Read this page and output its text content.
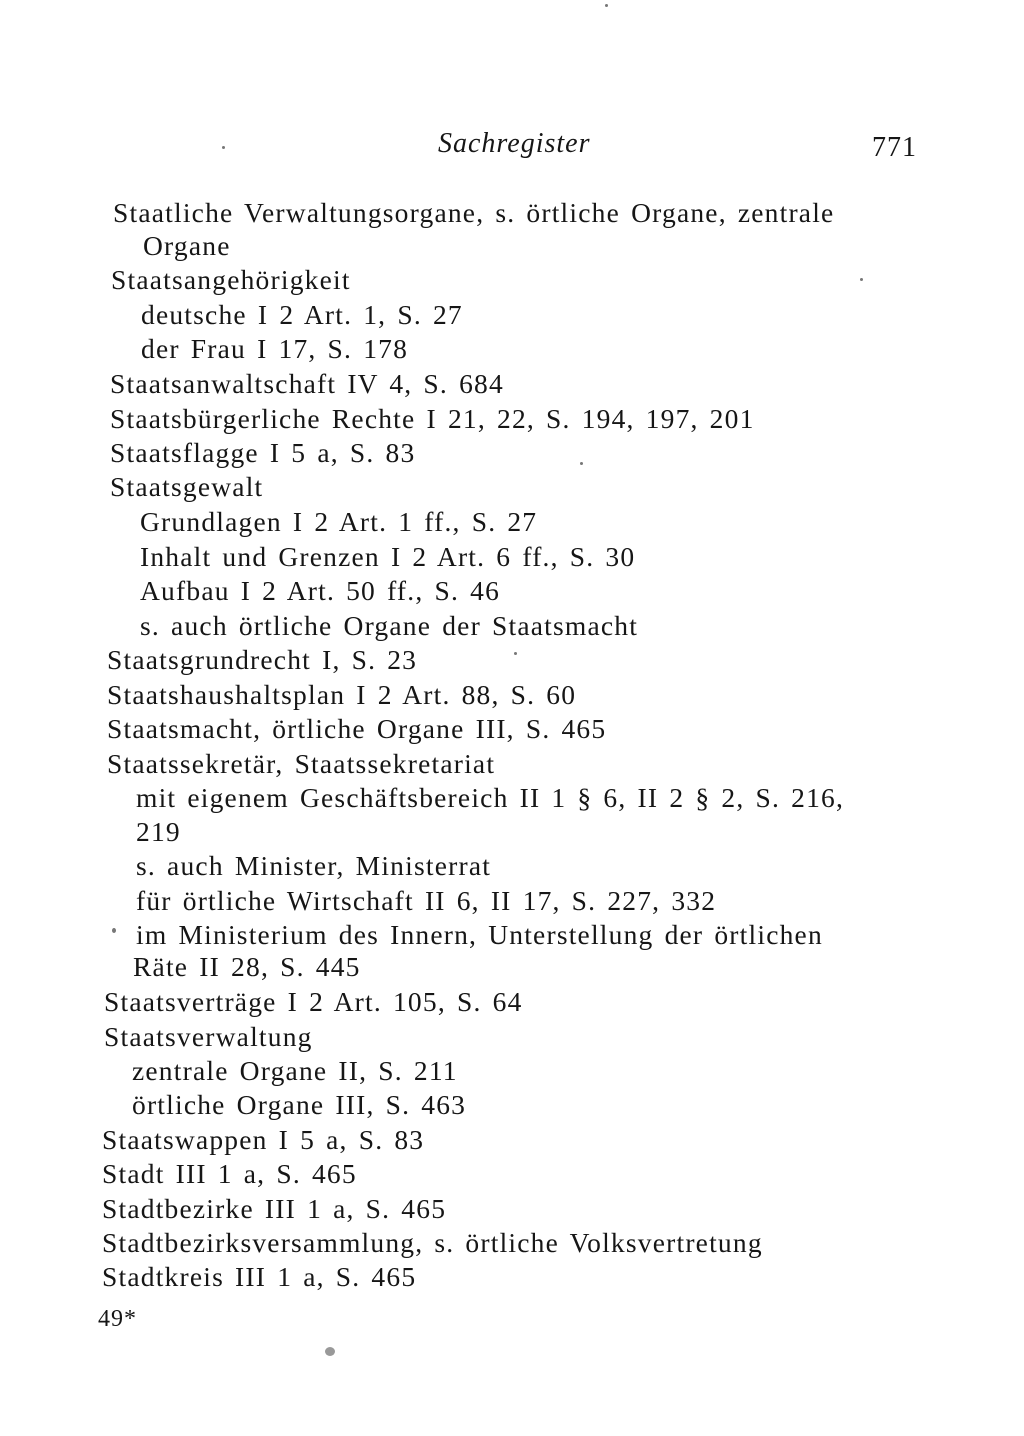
Sachregister	771
Staatliche Verwaltungsorgane, s. örtliche Organe, zentrale
Organe
Staatsangehörigkeit
deutsche I 2 Art. 1, S. 27
der Frau I 17, S. 178
Staatsanwaltschaft IV 4, S. 684
Staatsbürgerliche Rechte I 21, 22, S. 194, 197, 201
Staatsflagge I 5 a, S. 83
Staatsgewalt
Grundlagen I 2 Art. 1 ff., S. 27
Inhalt und Grenzen I 2 Art. 6 ff., S. 30
Aufbau I 2 Art. 50 ff., S. 46
s. auch örtliche Organe der Staatsmacht
Staatsgrundrecht I, S. 23
Staatshaushaltsplan I 2 Art. 88, S. 60
Staatsmacht, örtliche Organe III, S. 465
Staatssekretär, Staatssekretariat
mit eigenem Geschäftsbereich II 1 § 6, II 2 § 2, S. 216,
219
s. auch Minister, Ministerrat
für örtliche Wirtschaft II 6, II 17, S. 227, 332
im Ministerium des Innern, Unterstellung der örtlichen
Räte II 28, S. 445
Staatsverträge I 2 Art. 105, S. 64
Staatsverwaltung
zentrale Organe II, S. 211
örtliche Organe III, S. 463
Staatswappen I 5 a, S. 83
Stadt III 1 a, S. 465
Stadtbezirke III 1 a, S. 465
Stadtbezirksversammlung, s. örtliche Volksvertretung
Stadtkreis III 1 a, S. 465
49*
